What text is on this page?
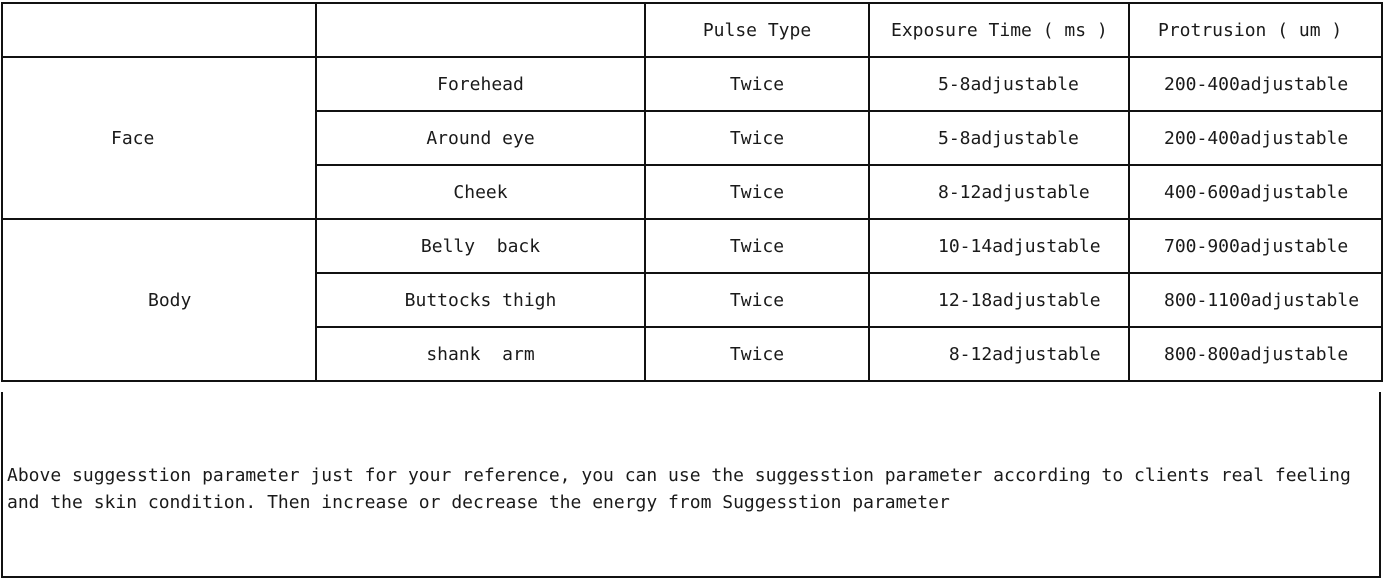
		Pulse Type	Exposure Time ( ms )	Protrusion ( um )
Face	Forehead	Twice	5-8adjustable	200-400adjustable
	Around eye	Twice	5-8adjustable	200-400adjustable
	Cheek	Twice	8-12adjustable	400-600adjustable
Body	Belly  back	Twice	10-14adjustable	700-900adjustable
	Buttocks thigh	Twice	12-18adjustable	800-1100adjustable
	shank  arm	Twice	8-12adjustable	800-800adjustable
Above suggesstion parameter just for your reference, you can use the suggesstion parameter according to clients real feeling
and the skin condition. Then increase or decrease the energy from Suggesstion parameter
